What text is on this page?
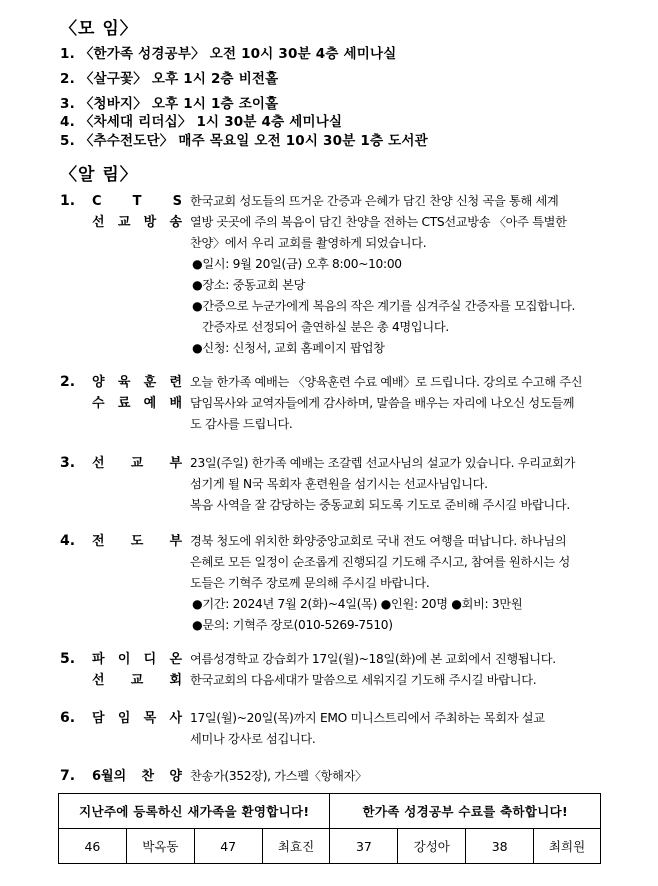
〈모 임〉
1. 〈한가족 성경공부〉 오전 10시 30분 4층 세미나실
2. 〈살구꽃〉 오후 1시 2층 비전홀
3. 〈청바지〉 오후 1시 1층 조이홀
4. 〈차세대 리더십〉 1시 30분 4층 세미나실
5. 〈추수전도단〉 매주 목요일 오전 10시 30분 1층 도서관
〈알 림〉
1. C T S
선 교 방 송

한국교회 성도들의 뜨거운 간증과 은혜가 담긴 찬양 신청 곡을 통해 세계

열방 곳곳에 주의 복음이 담긴 찬양을 전하는 CTS선교방송 〈아주 특별한

찬양〉에서 우리 교회를 촬영하게 되었습니다.

●일시: 9월 20일(금) 오후 8:00~10:00

●장소: 중동교회 본당

●간증으로 누군가에게 복음의 작은 계기를 심겨주실 간증자를 모집합니다.

간증자로 선정되어 출연하실 분은 총 4명입니다.

●신청: 신청서, 교회 홈페이지 팝업창

2. 양 육 훈 련
수 료 예 배

오늘 한가족 예배는 〈양육훈련 수료 예배〉로 드립니다. 강의로 수고해 주신

담임목사와 교역자들에게 감사하며, 말씀을 배우는 자리에 나오신 성도들께

도 감사를 드립니다.

3. 선 교 부 23일(주일) 한가족 예배는 조갈렙 선교사님의 설교가 있습니다. 우리교회가

섬기게 될 N국 목회자 훈련원을 섬기시는 선교사님입니다.

복음 사역을 잘 감당하는 중동교회 되도록 기도로 준비해 주시길 바랍니다.

4. 전 도 부 경북 청도에 위치한 화양중앙교회로 국내 전도 여행을 떠납니다. 하나님의

은혜로 모든 일정이 순조롭게 진행되길 기도해 주시고, 참여를 원하시는 성

도들은 기혁주 장로께 문의해 주시길 바랍니다.

●기간: 2024년 7월 2(화)~4일(목) ●인원: 20명 ●회비: 3만원

●문의: 기혁주 장로(010-5269-7510)

5. 파 이 디 온
선 교 회

여름성경학교 강습회가 17일(월)~18일(화)에 본 교회에서 진행됩니다.

한국교회의 다음세대가 말씀으로 세워지길 기도해 주시길 바랍니다.

6. 담 임 목 사 17일(월)~20일(목)까지 EMO 미니스트리에서 주최하는 목회자 설교

세미나 강사로 섬깁니다.

7. 6월의 찬 양 찬송가(352장), 가스펠〈항해자〉

지난주에 등록하신 새가족을 환영합니다!				한가족 성경공부 수료를 축하합니다!			
46	박옥동	47	최효진	37	강성아	38	최희원
